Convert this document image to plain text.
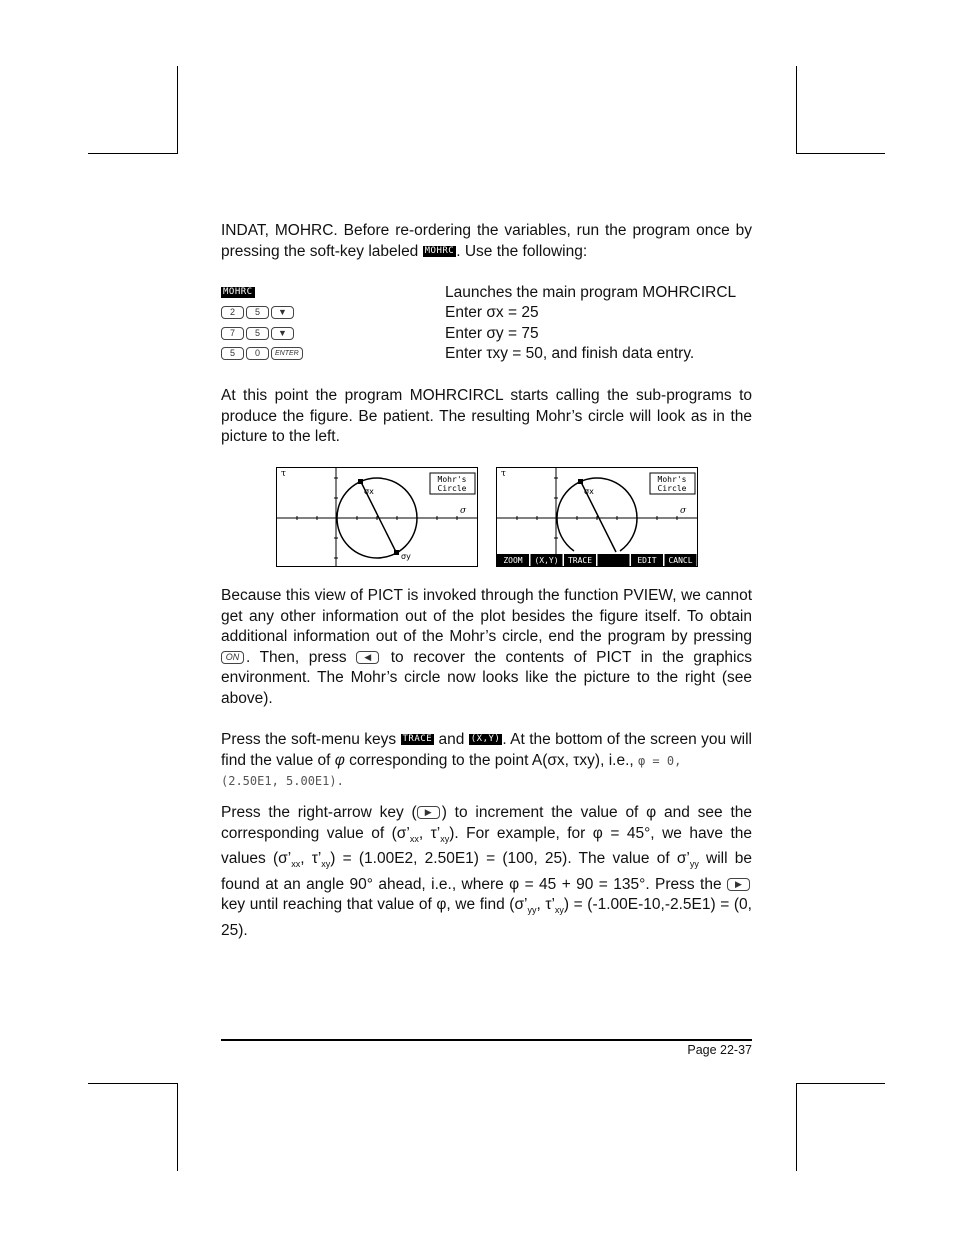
INDAT, MOHRC. Before re-ordering the variables, run the program once by pressing the soft-key labeled MOHRC . Use the following:
MOHRC	Launches the main program MOHRCIRCL
2 5 ▼	Enter σx = 25
7 5 ▼	Enter σy = 75
5 0 ENTER	Enter τxy = 50, and finish data entry.
At this point the program MOHRCIRCL starts calling the sub-programs to produce the figure. Be patient. The resulting Mohr’s circle will look as in the picture to the left.
τ
σ
σx
σy
Mohr's
Circle
τ
σ
σx
Mohr's
Circle
ZOOM (X,Y) TRACE	EDIT CANCL
Because this view of PICT is invoked through the function PVIEW, we cannot get any other information out of the plot besides the figure itself. To obtain additional information out of the Mohr’s circle, end the program by pressing ON . Then, press ◀ to recover the contents of PICT in the graphics environment. The Mohr’s circle now looks like the picture to the right (see above).
Press the soft-menu keys TRACE and (X,Y) . At the bottom of the screen you will find the value of φ corresponding to the point A(σx, τxy), i.e., φ = 0,
(2.50E1, 5.00E1).
Press the right-arrow key ( ▶ ) to increment the value of φ and see the corresponding value of ($\sigma’_{xx}$, $\tau’_{xy}$). For example, for φ = 45°, we have the values ($\sigma’_{xx}$, $\tau’_{xy}) = (1.00E2$, 2.50E1) = (100, 25). The value of $\sigma’_{yy}$ will be found at an angle 90° ahead, i.e., where φ = 45 + 90 = 135°. Press the ▶ key until reaching that value of φ, we find ($\sigma’_{yy}$, $\tau’_{xy}) = (-1.00E-10,-2.5E1) = (0$, 25).
Page 22-37
